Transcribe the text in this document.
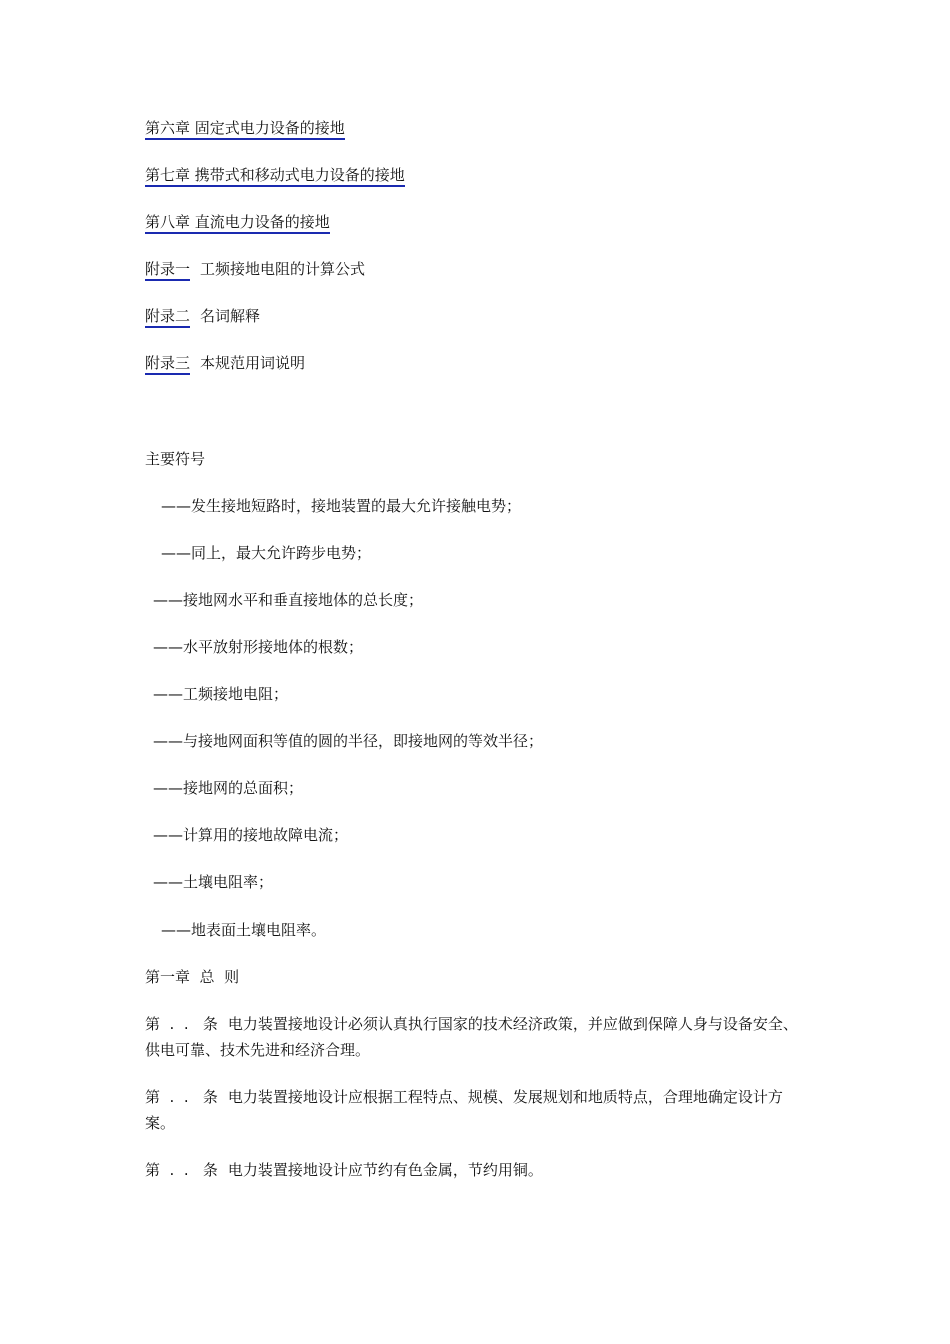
第六章 固定式电力设备的接地
第七章 携带式和移动式电力设备的接地
第八章 直流电力设备的接地
附录一 工频接地电阻的计算公式
附录二 名词解释
附录三 本规范用词说明
主要符号
——发生接地短路时，接地装置的最大允许接触电势；
——同上，最大允许跨步电势；
——接地网水平和垂直接地体的总长度；
——水平放射形接地体的根数；
——工频接地电阻；
——与接地网面积等值的圆的半径，即接地网的等效半径；
——接地网的总面积；
——计算用的接地故障电流；
——土壤电阻率；
——地表面土壤电阻率。
第一章  总  则
第  .  .   条 电力装置接地设计必须认真执行国家的技术经济政策，并应做到保障人身与设备安全、供电可靠、技术先进和经济合理。
第  .  .   条 电力装置接地设计应根据工程特点、规模、发展规划和地质特点，合理地确定设计方案。
第  .  .   条 电力装置接地设计应节约有色金属，节约用铜。
